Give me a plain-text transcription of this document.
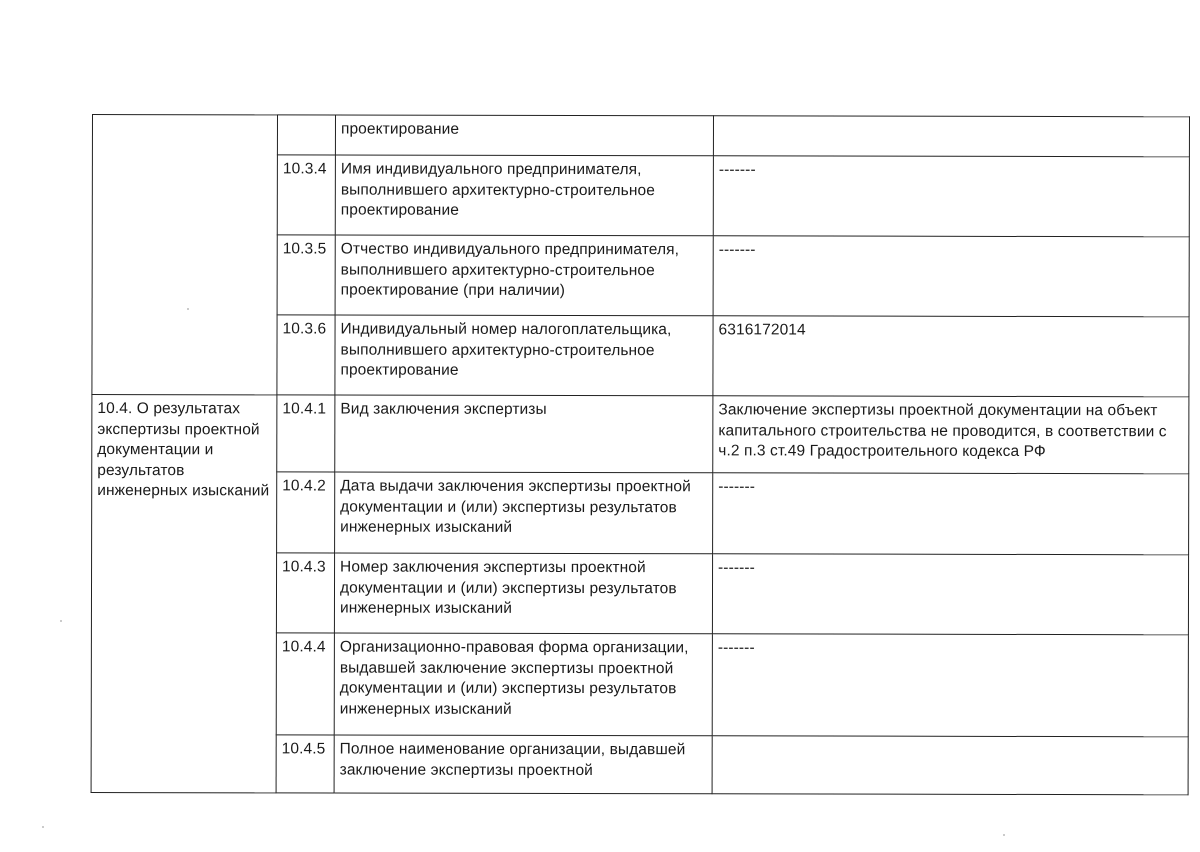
		проектирование	
	10.3.4	Имя индивидуального предпринимателя, выполнившего архитектурно-строительное проектирование	-------
	10.3.5	Отчество индивидуального предпринимателя, выполнившего архитектурно-строительное проектирование (при наличии)	-------
	10.3.6	Индивидуальный номер налогоплательщика, выполнившего архитектурно-строительное проектирование	6316172014
10.4. О результатах экспертизы проектной документации и результатов инженерных изысканий	10.4.1	Вид заключения экспертизы	Заключение экспертизы проектной документации на объект капитального строительства не проводится, в соответствии с ч.2 п.3 ст.49 Градостроительного кодекса РФ
	10.4.2	Дата выдачи заключения экспертизы проектной документации и (или) экспертизы результатов инженерных изысканий	-------
	10.4.3	Номер заключения экспертизы проектной документации и (или) экспертизы результатов инженерных изысканий	-------
	10.4.4	Организационно-правовая форма организации, выдавшей заключение экспертизы проектной документации и (или) экспертизы результатов инженерных изысканий	-------
	10.4.5	Полное наименование организации, выдавшей заключение экспертизы проектной	
